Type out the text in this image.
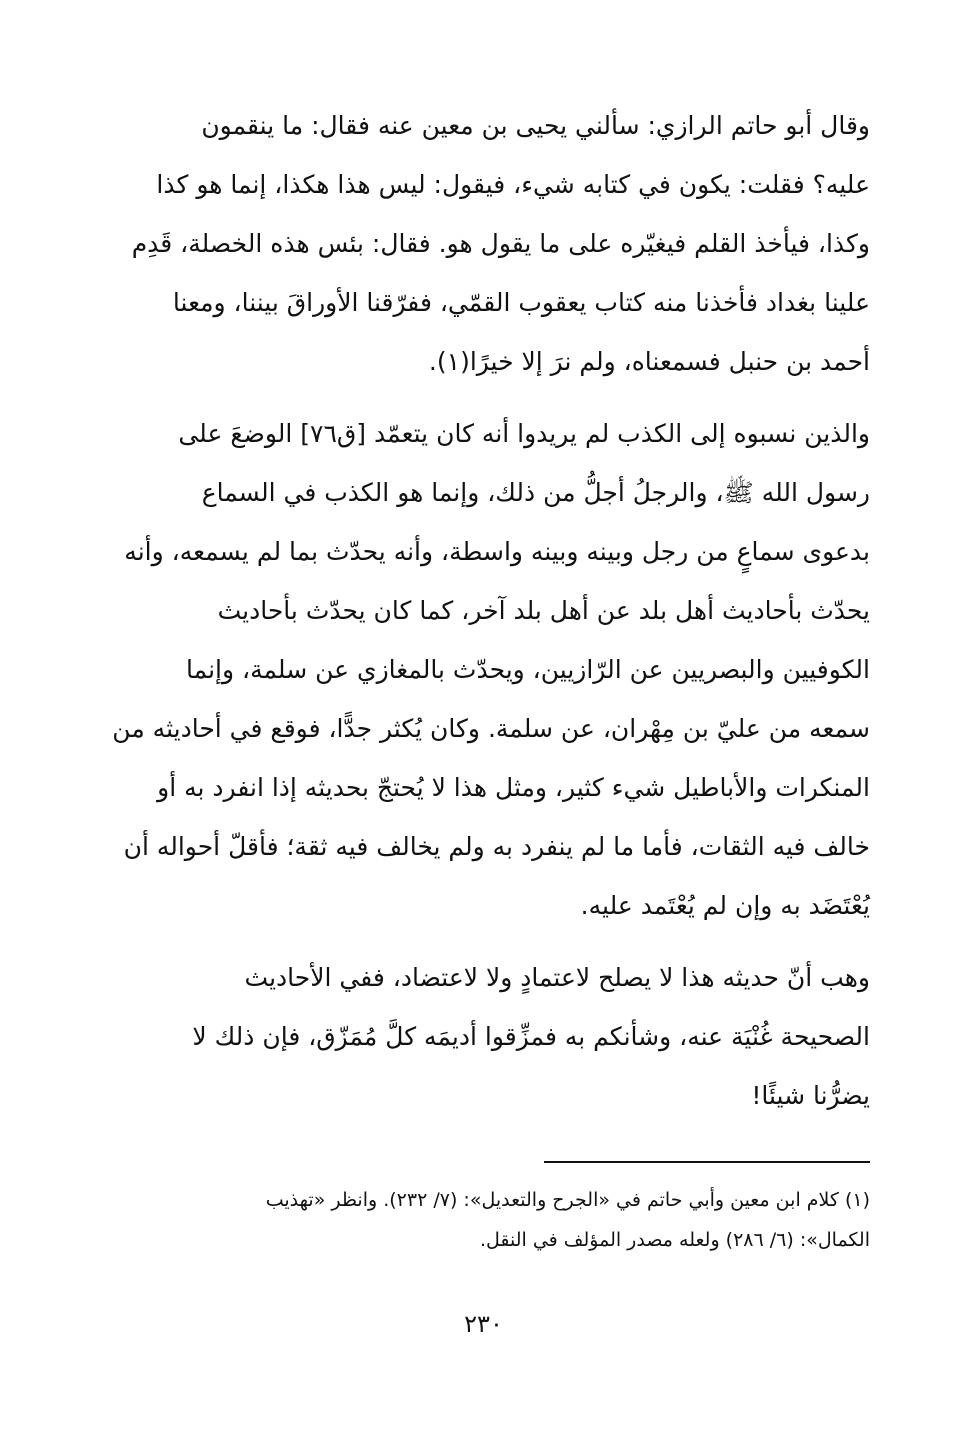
وقال أبو حاتم الرازي: سألني يحيى بن معين عنه فقال: ما ينقمون
عليه؟ فقلت: يكون في كتابه شيء، فيقول: ليس هذا هكذا، إنما هو كذا
وكذا، فيأخذ القلم فيغيّره على ما يقول هو. فقال: بئس هذه الخصلة، قَدِم
علينا بغداد فأخذنا منه كتاب يعقوب القمّي، ففرّقنا الأوراقَ بيننا، ومعنا
أحمد بن حنبل فسمعناه، ولم نرَ إلا خيرًا(١).

والذين نسبوه إلى الكذب لم يريدوا أنه كان يتعمّد [ق٧٦] الوضعَ على
رسول الله ﷺ، والرجلُ أجلُّ من ذلك، وإنما هو الكذب في السماع
بدعوى سماعٍ من رجل وبينه وبينه واسطة، وأنه يحدّث بما لم يسمعه، وأنه
يحدّث بأحاديث أهل بلد عن أهل بلد آخر، كما كان يحدّث بأحاديث
الكوفيين والبصريين عن الرّازيين، ويحدّث بالمغازي عن سلمة، وإنما
سمعه من عليّ بن مِهْران، عن سلمة. وكان يُكثر جدًّا، فوقع في أحاديثه من
المنكرات والأباطيل شيء كثير، ومثل هذا لا يُحتجّ بحديثه إذا انفرد به أو
خالف فيه الثقات، فأما ما لم ينفرد به ولم يخالف فيه ثقة؛ فأقلّ أحواله أن
يُعْتَضَد به وإن لم يُعْتَمد عليه.

وهب أنّ حديثه هذا لا يصلح لاعتمادٍ ولا لاعتضاد، ففي الأحاديث
الصحيحة غُنْيَة عنه، وشأنكم به فمزِّقوا أديمَه كلَّ مُمَزّق، فإن ذلك لا
يضرُّنا شيئًا!

(١) كلام ابن معين وأبي حاتم في «الجرح والتعديل»: (٧/ ٢٣٢). وانظر «تهذيب
الكمال»: (٦/ ٢٨٦) ولعله مصدر المؤلف في النقل.
٢٣٠
